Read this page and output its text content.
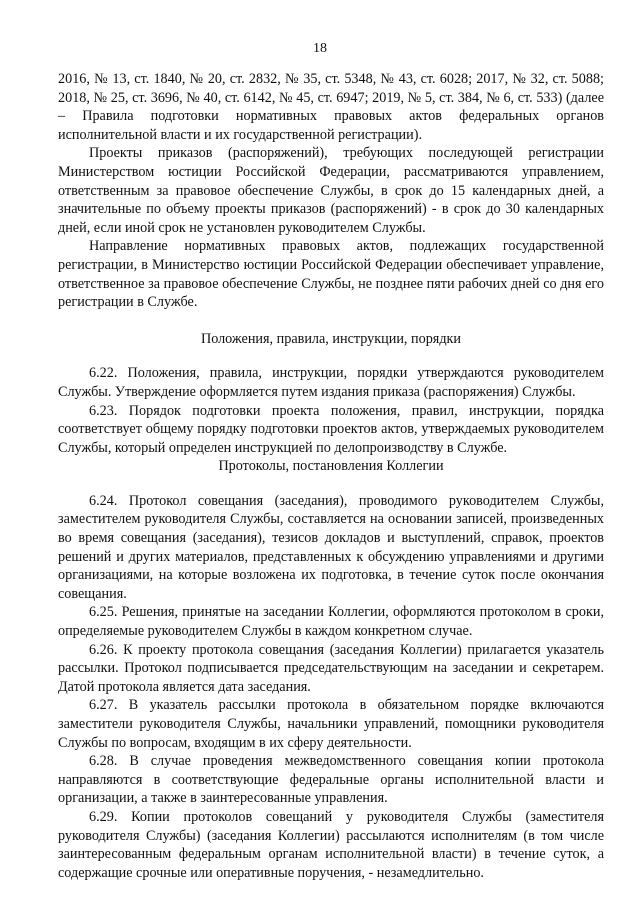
18

2016, № 13, ст. 1840, № 20, ст. 2832, № 35, ст. 5348, № 43, ст. 6028; 2017, № 32, ст. 5088; 2018, № 25, ст. 3696, № 40, ст. 6142, № 45, ст. 6947; 2019, № 5, ст. 384, № 6, ст. 533) (далее – Правила подготовки нормативных правовых актов федеральных органов исполнительной власти и их государственной регистрации).

Проекты приказов (распоряжений), требующих последующей регистрации Министерством юстиции Российской Федерации, рассматриваются управлением, ответственным за правовое обеспечение Службы, в срок до 15 календарных дней, а значительные по объему проекты приказов (распоряжений) - в срок до 30 календарных дней, если иной срок не установлен руководителем Службы.

Направление нормативных правовых актов, подлежащих государственной регистрации, в Министерство юстиции Российской Федерации обеспечивает управление, ответственное за правовое обеспечение Службы, не позднее пяти рабочих дней со дня его регистрации в Службе.

Положения, правила, инструкции, порядки

6.22. Положения, правила, инструкции, порядки утверждаются руководителем Службы. Утверждение оформляется путем издания приказа (распоряжения) Службы.

6.23. Порядок подготовки проекта положения, правил, инструкции, порядка соответствует общему порядку подготовки проектов актов, утверждаемых руководителем Службы, который определен инструкцией по делопроизводству в Службе.

Протоколы, постановления Коллегии

6.24. Протокол совещания (заседания), проводимого руководителем Службы, заместителем руководителя Службы, составляется на основании записей, произведенных во время совещания (заседания), тезисов докладов и выступлений, справок, проектов решений и других материалов, представленных к обсуждению управлениями и другими организациями, на которые возложена их подготовка, в течение суток после окончания совещания.

6.25. Решения, принятые на заседании Коллегии, оформляются протоколом в сроки, определяемые руководителем Службы в каждом конкретном случае.

6.26. К проекту протокола совещания (заседания Коллегии) прилагается указатель рассылки. Протокол подписывается председательствующим на заседании и секретарем. Датой протокола является дата заседания.

6.27. В указатель рассылки протокола в обязательном порядке включаются заместители руководителя Службы, начальники управлений, помощники руководителя Службы по вопросам, входящим в их сферу деятельности.

6.28. В случае проведения межведомственного совещания копии протокола направляются в соответствующие федеральные органы исполнительной власти и организации, а также в заинтересованные управления.

6.29. Копии протоколов совещаний у руководителя Службы (заместителя руководителя Службы) (заседания Коллегии) рассылаются исполнителям (в том числе заинтересованным федеральным органам исполнительной власти) в течение суток, а содержащие срочные или оперативные поручения, - незамедлительно.
